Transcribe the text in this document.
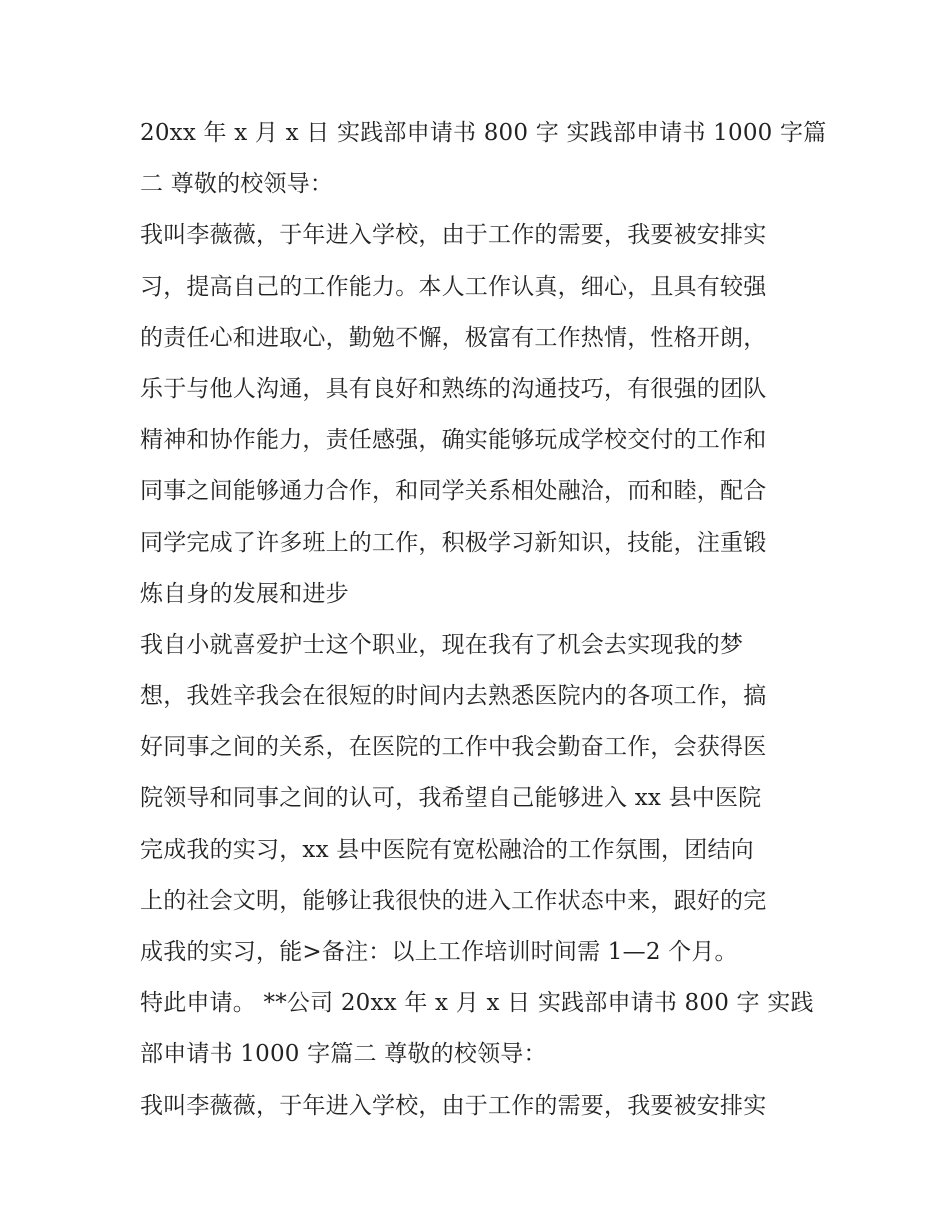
20xx 年 x 月 x 日 实践部申请书 800 字 实践部申请书 1000 字篇
二 尊敬的校领导：
我叫李薇薇，于年进入学校，由于工作的需要，我要被安排实
习，提高自己的工作能力。本人工作认真，细心，且具有较强
的责任心和进取心，勤勉不懈，极富有工作热情，性格开朗，
乐于与他人沟通，具有良好和熟练的沟通技巧，有很强的团队
精神和协作能力，责任感强，确实能够玩成学校交付的工作和
同事之间能够通力合作，和同学关系相处融洽，而和睦，配合
同学完成了许多班上的工作，积极学习新知识，技能，注重锻
炼自身的发展和进步
我自小就喜爱护士这个职业，现在我有了机会去实现我的梦
想，我姓辛我会在很短的时间内去熟悉医院内的各项工作，搞
好同事之间的关系，在医院的工作中我会勤奋工作，会获得医
院领导和同事之间的认可，我希望自己能够进入 xx 县中医院
完成我的实习，xx 县中医院有宽松融洽的工作氛围，团结向
上的社会文明，能够让我很快的进入工作状态中来，跟好的完
成我的实习，能>备注：以上工作培训时间需 1—2 个月。
特此申请。 **公司 20xx 年 x 月 x 日 实践部申请书 800 字 实践
部申请书 1000 字篇二 尊敬的校领导：
我叫李薇薇，于年进入学校，由于工作的需要，我要被安排实
